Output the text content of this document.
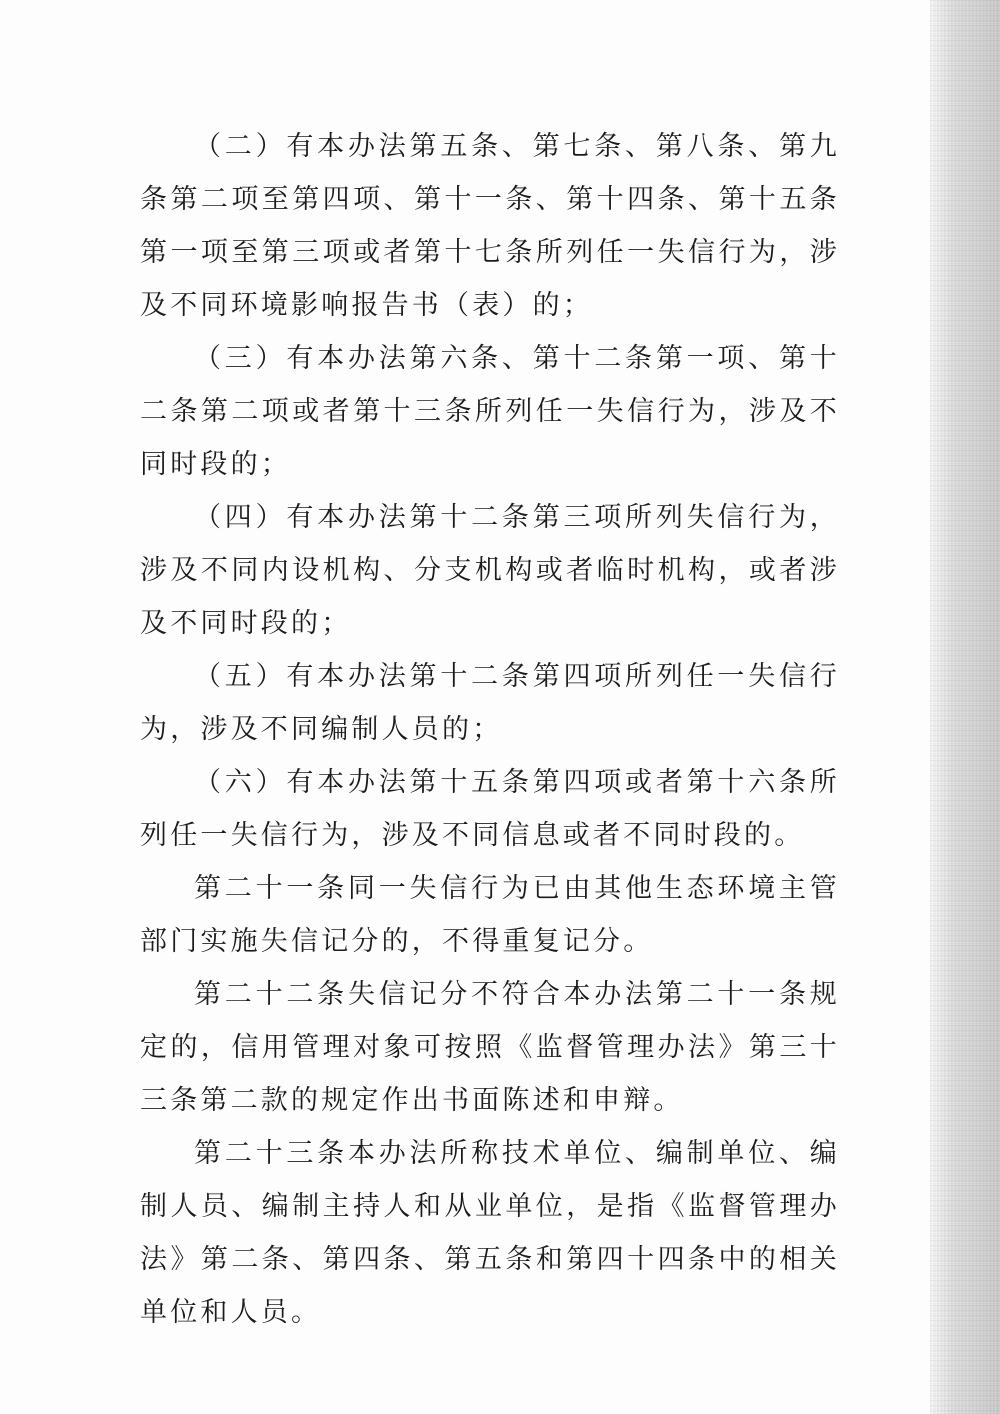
（二）有本办法第五条、第七条、第八条、第九条第二项至第四项、第十一条、第十四条、第十五条第一项至第三项或者第十七条所列任一失信行为，涉及不同环境影响报告书（表）的；

（三）有本办法第六条、第十二条第一项、第十二条第二项或者第十三条所列任一失信行为，涉及不同时段的；

（四）有本办法第十二条第三项所列失信行为，涉及不同内设机构、分支机构或者临时机构，或者涉及不同时段的；

（五）有本办法第十二条第四项所列任一失信行为，涉及不同编制人员的；

（六）有本办法第十五条第四项或者第十六条所列任一失信行为，涉及不同信息或者不同时段的。

第二十一条同一失信行为已由其他生态环境主管部门实施失信记分的，不得重复记分。

第二十二条失信记分不符合本办法第二十一条规定的，信用管理对象可按照《监督管理办法》第三十三条第二款的规定作出书面陈述和申辩。

第二十三条本办法所称技术单位、编制单位、编制人员、编制主持人和从业单位，是指《监督管理办法》第二条、第四条、第五条和第四十四条中的相关单位和人员。
